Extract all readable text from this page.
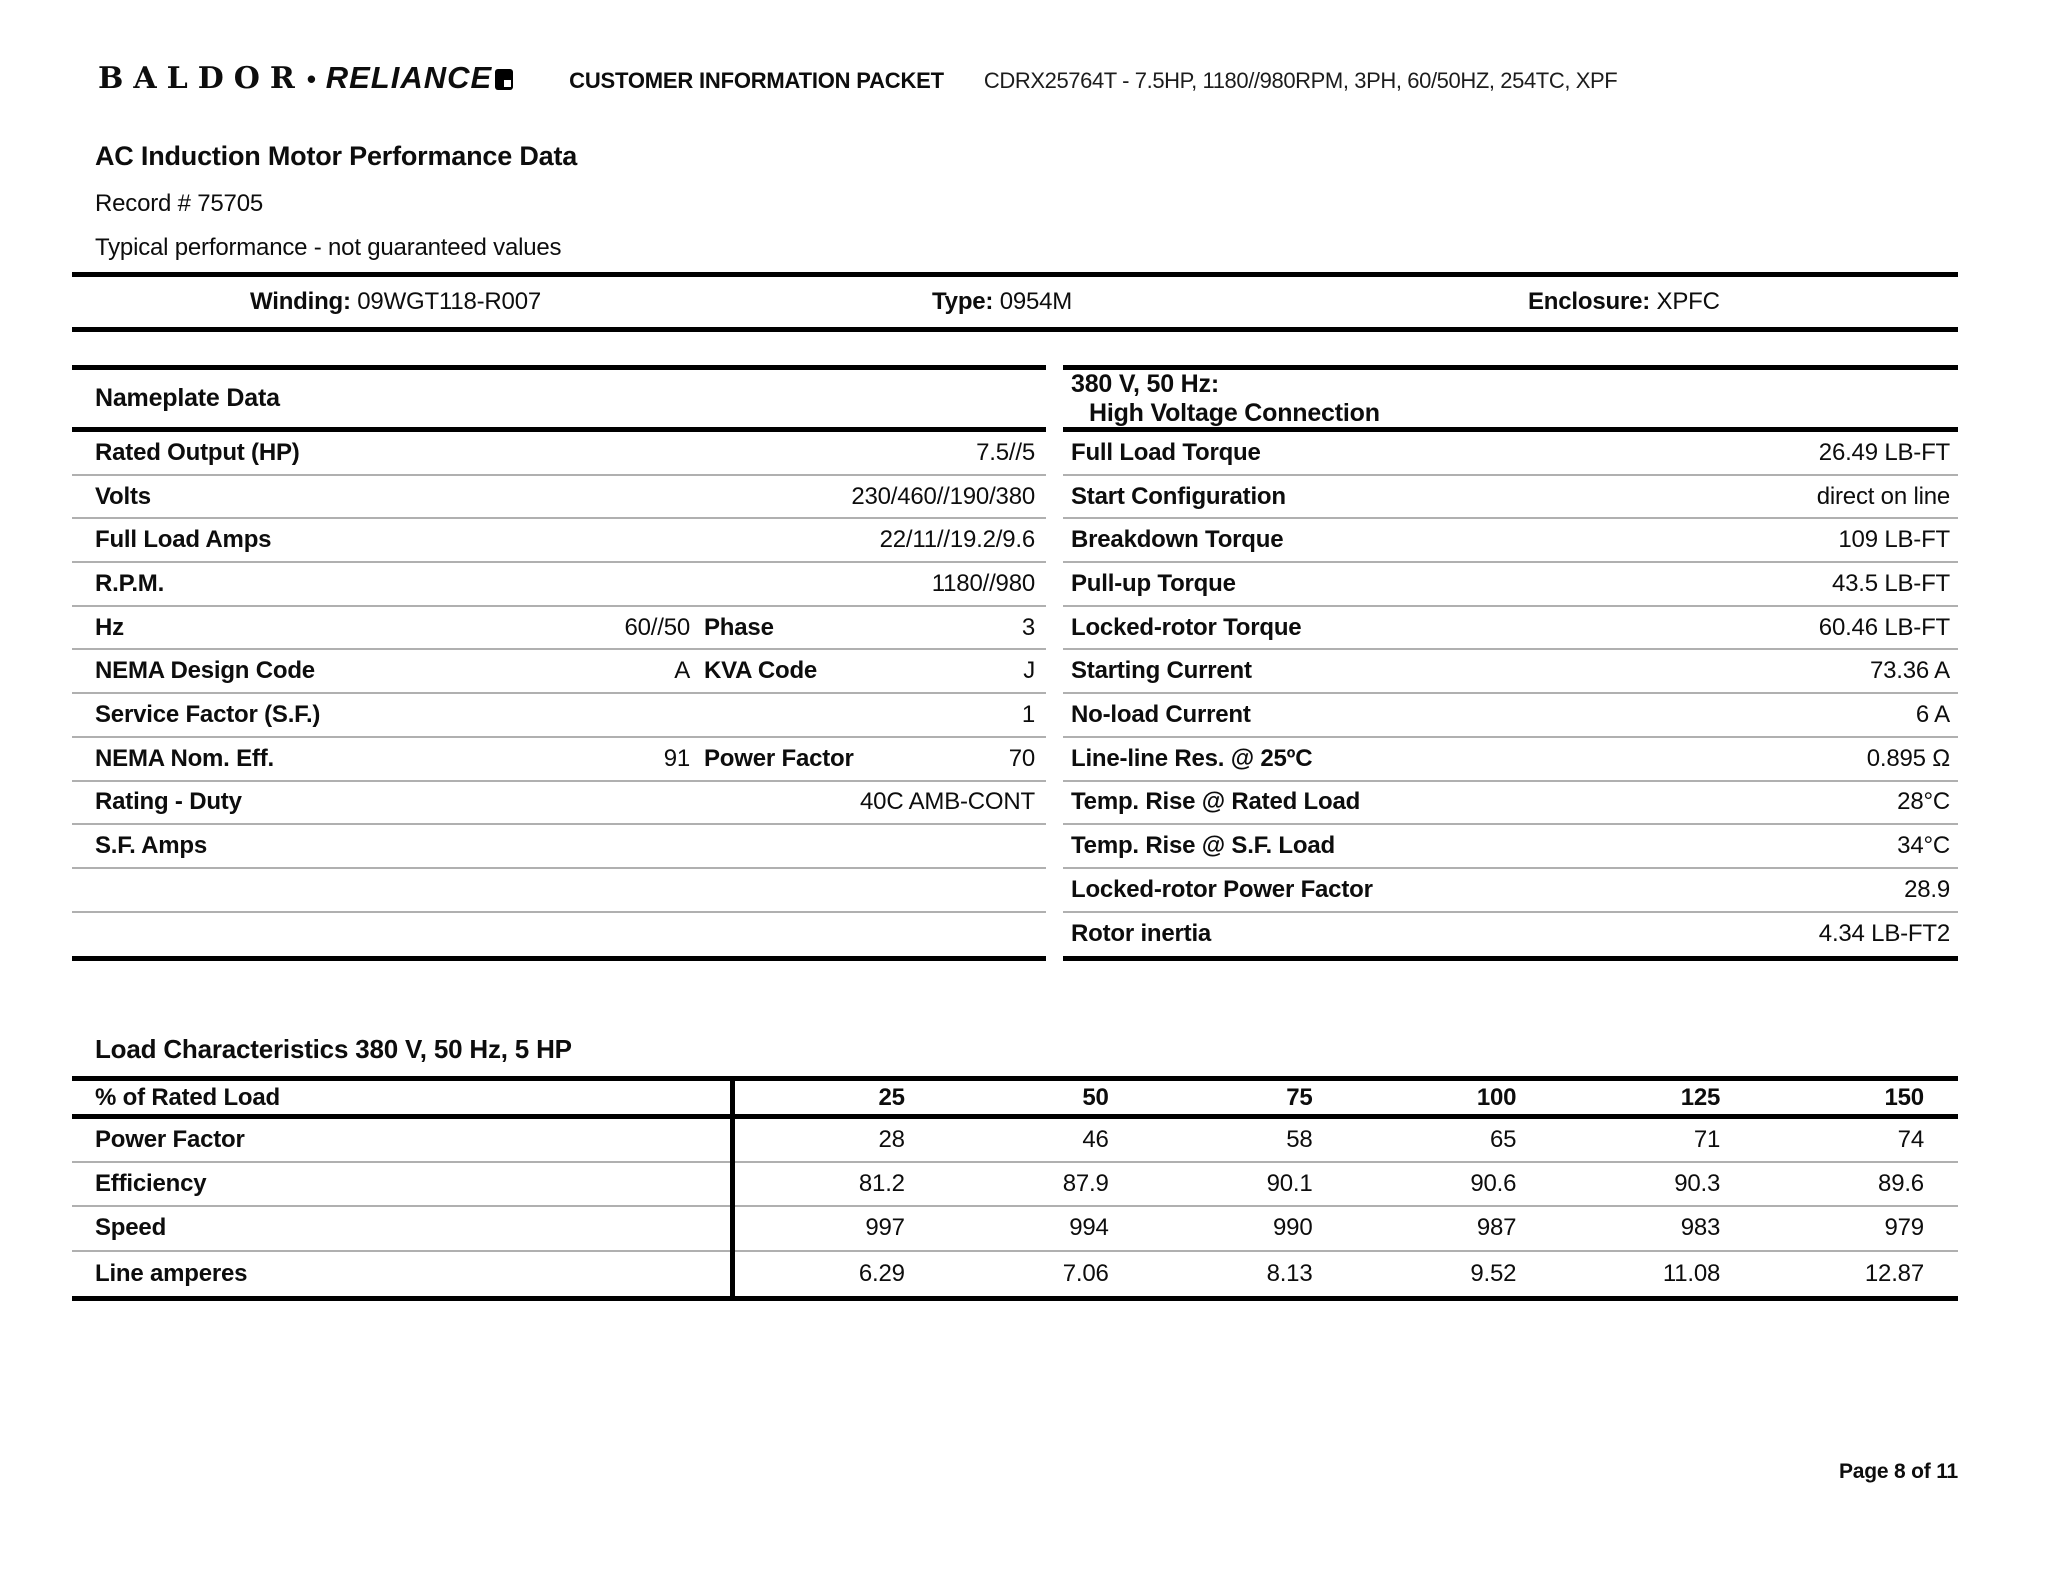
BALDOR • RELIANCE	CUSTOMER INFORMATION PACKET CDRX25764T - 7.5HP, 1180//980RPM, 3PH, 60/50HZ, 254TC, XPF
AC Induction Motor Performance Data
Record # 75705
Typical performance - not guaranteed values
Winding: 09WGT118-R007	Type: 0954M	Enclosure: XPFC
Nameplate Data
Rated Output (HP)	7.5//5
Volts	230/460//190/380
Full Load Amps	22/11//19.2/9.6
R.P.M.	1180//980
Hz	60//50 Phase	3
NEMA Design Code	A KVA Code	J
Service Factor (S.F.)	1
NEMA Nom. Eff.	91 Power Factor	70
Rating - Duty	40C AMB-CONT
S.F. Amps
380 V, 50 Hz:
High Voltage Connection
Full Load Torque	26.49 LB-FT
Start Configuration	direct on line
Breakdown Torque	109 LB-FT
Pull-up Torque	43.5 LB-FT
Locked-rotor Torque	60.46 LB-FT
Starting Current	73.36 A
No-load Current	6 A
Line-line Res. @ 25ºC	0.895 Ω
Temp. Rise @ Rated Load	28°C
Temp. Rise @ S.F. Load	34°C
Locked-rotor Power Factor	28.9
Rotor inertia	4.34 LB-FT2
Load Characteristics 380 V, 50 Hz, 5 HP
% of Rated Load	25	50	75	100	125	150
Power Factor	28	46	58	65	71	74
Efficiency	81.2	87.9	90.1	90.6	90.3	89.6
Speed	997	994	990	987	983	979
Line amperes	6.29	7.06	8.13	9.52	11.08	12.87
Page 8 of 11
